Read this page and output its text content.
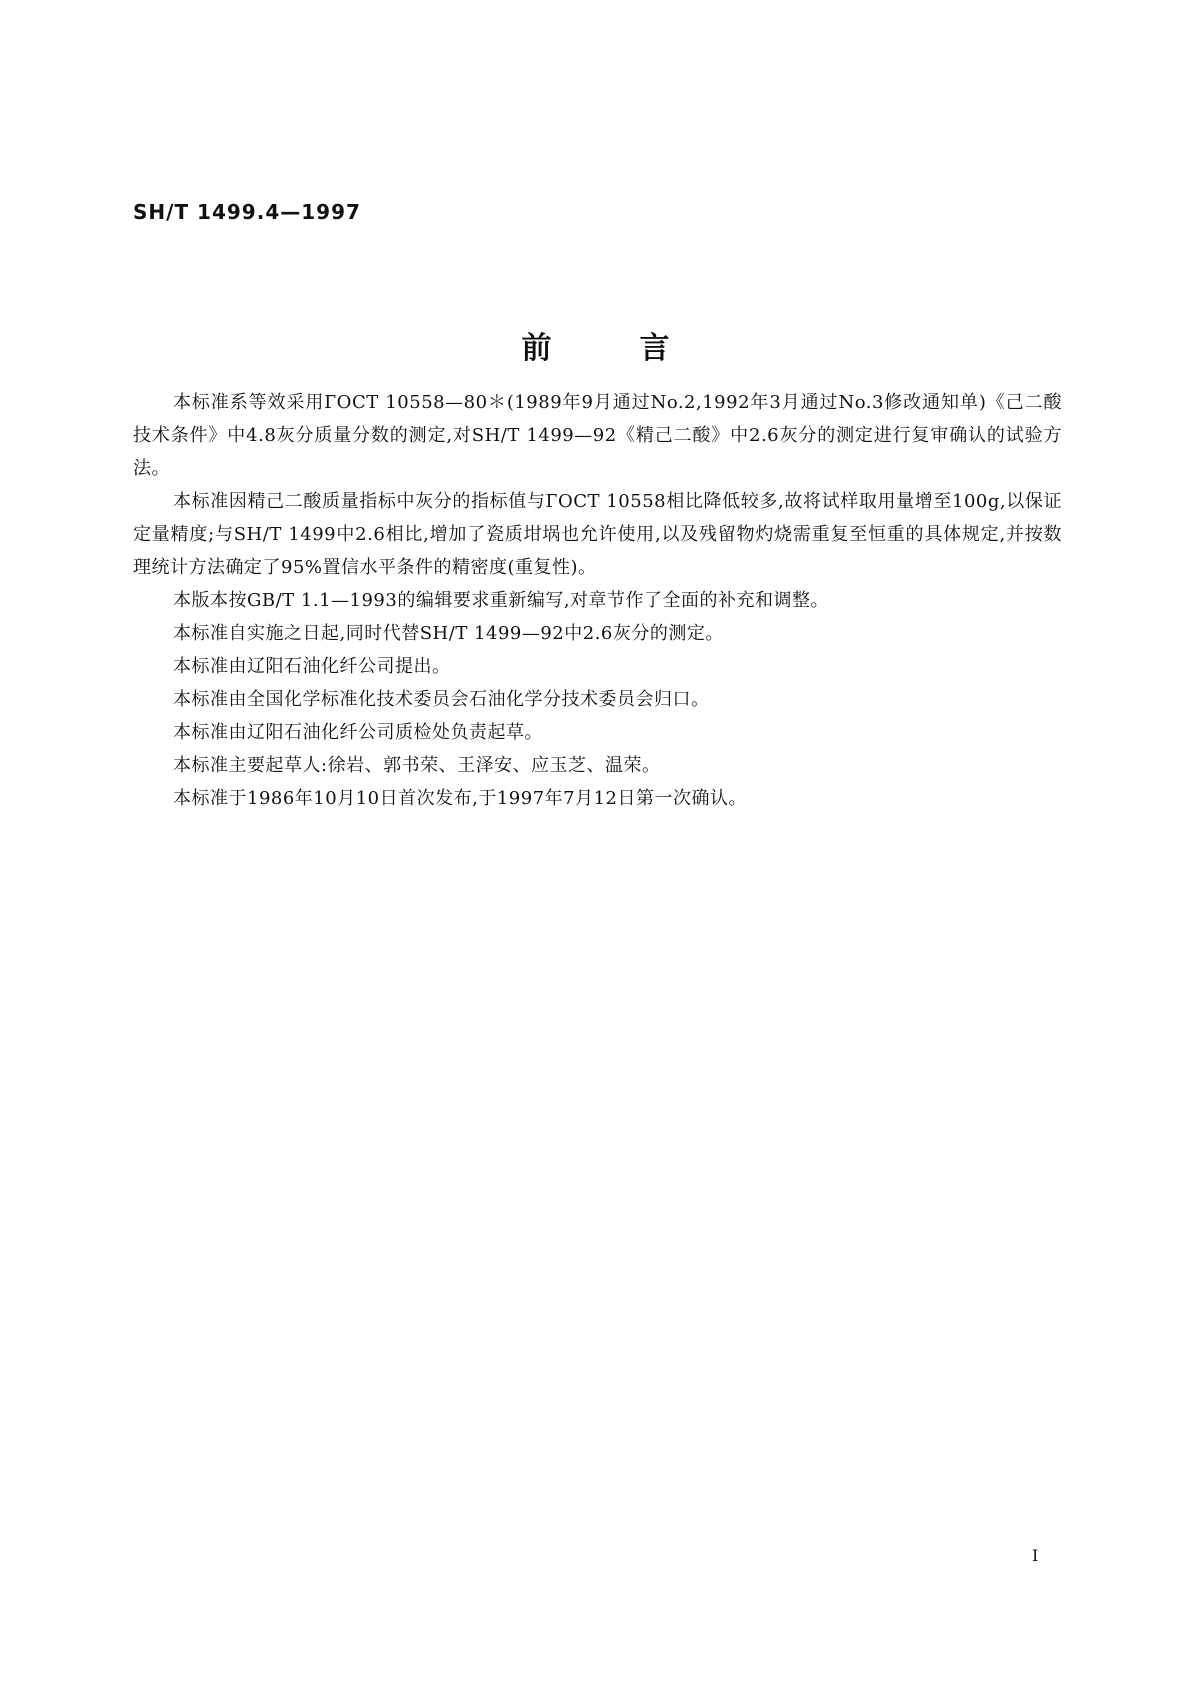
SH/T 1499.4—1997
前	言

本标准系等效采用ГОСТ 10558—80＊(1989年9月通过No.2,1992年3月通过No.3修改通知单)《己二酸　技术条件》中4.8灰分质量分数的测定,对SH/T 1499—92《精己二酸》中2.6灰分的测定进行复审确认的试验方法。

本标准因精己二酸质量指标中灰分的指标值与ГОСТ 10558相比降低较多,故将试样取用量增至100g,以保证定量精度;与SH/T 1499中2.6相比,增加了瓷质坩埚也允许使用,以及残留物灼烧需重复至恒重的具体规定,并按数理统计方法确定了95%置信水平条件的精密度(重复性)。

本版本按GB/T 1.1—1993的编辑要求重新编写,对章节作了全面的补充和调整。

本标准自实施之日起,同时代替SH/T 1499—92中2.6灰分的测定。

本标准由辽阳石油化纤公司提出。

本标准由全国化学标准化技术委员会石油化学分技术委员会归口。

本标准由辽阳石油化纤公司质检处负责起草。

本标准主要起草人:徐岩、郭书荣、王泽安、应玉芝、温荣。

本标准于1986年10月10日首次发布,于1997年7月12日第一次确认。

I
